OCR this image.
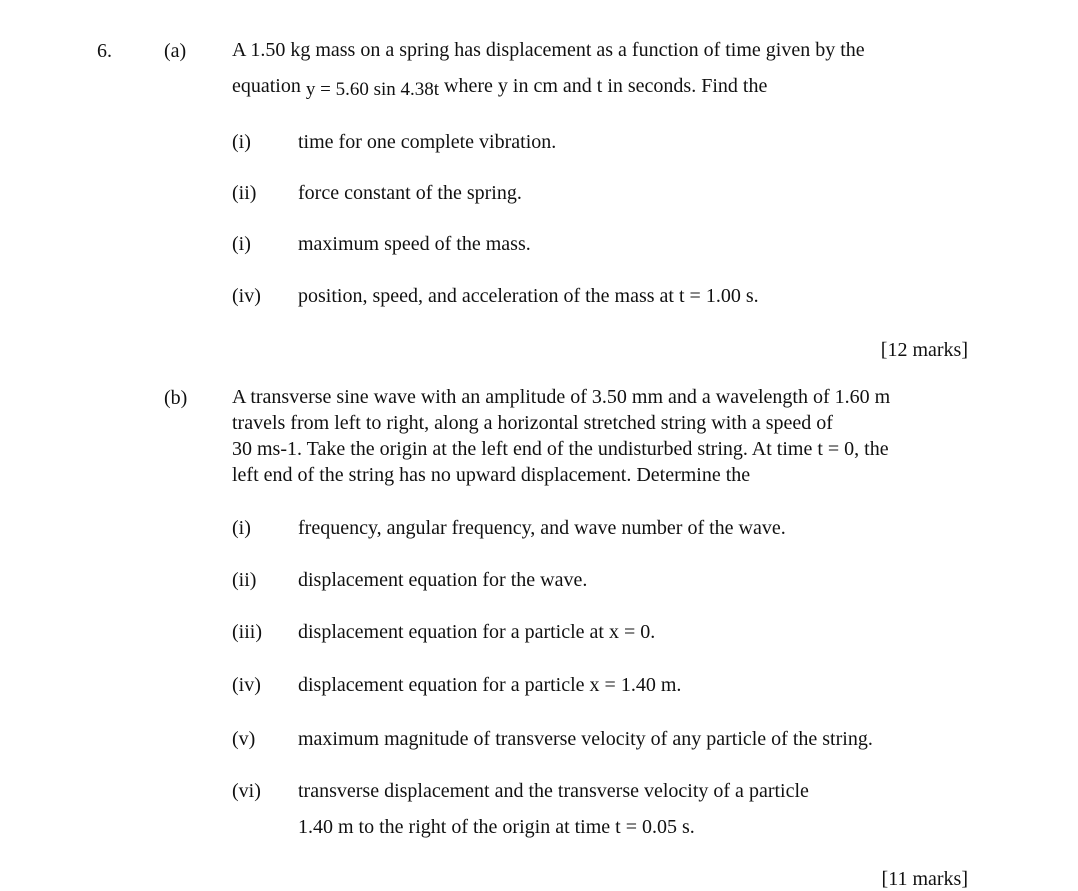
6.	(a) A 1.50 kg mass on a spring has displacement as a function of time given by the
equation y = 5.60 sin 4.38t where y in cm and t in seconds. Find the
(i) time for one complete vibration.
(ii) force constant of the spring.
(i) maximum speed of the mass.
(iv) position, speed, and acceleration of the mass at t = 1.00 s.
[12 marks]
(b) A transverse sine wave with an amplitude of 3.50 mm and a wavelength of 1.60 m
travels from left to right, along a horizontal stretched string with a speed of
30 ms-1. Take the origin at the left end of the undisturbed string. At time t = 0, the
left end of the string has no upward displacement. Determine the
(i) frequency, angular frequency, and wave number of the wave.
(ii) displacement equation for the wave.
(iii) displacement equation for a particle at x = 0.
(iv) displacement equation for a particle x = 1.40 m.
(v) maximum magnitude of transverse velocity of any particle of the string.
(vi) transverse displacement and the transverse velocity of a particle
1.40 m to the right of the origin at time t = 0.05 s.
[11 marks]
